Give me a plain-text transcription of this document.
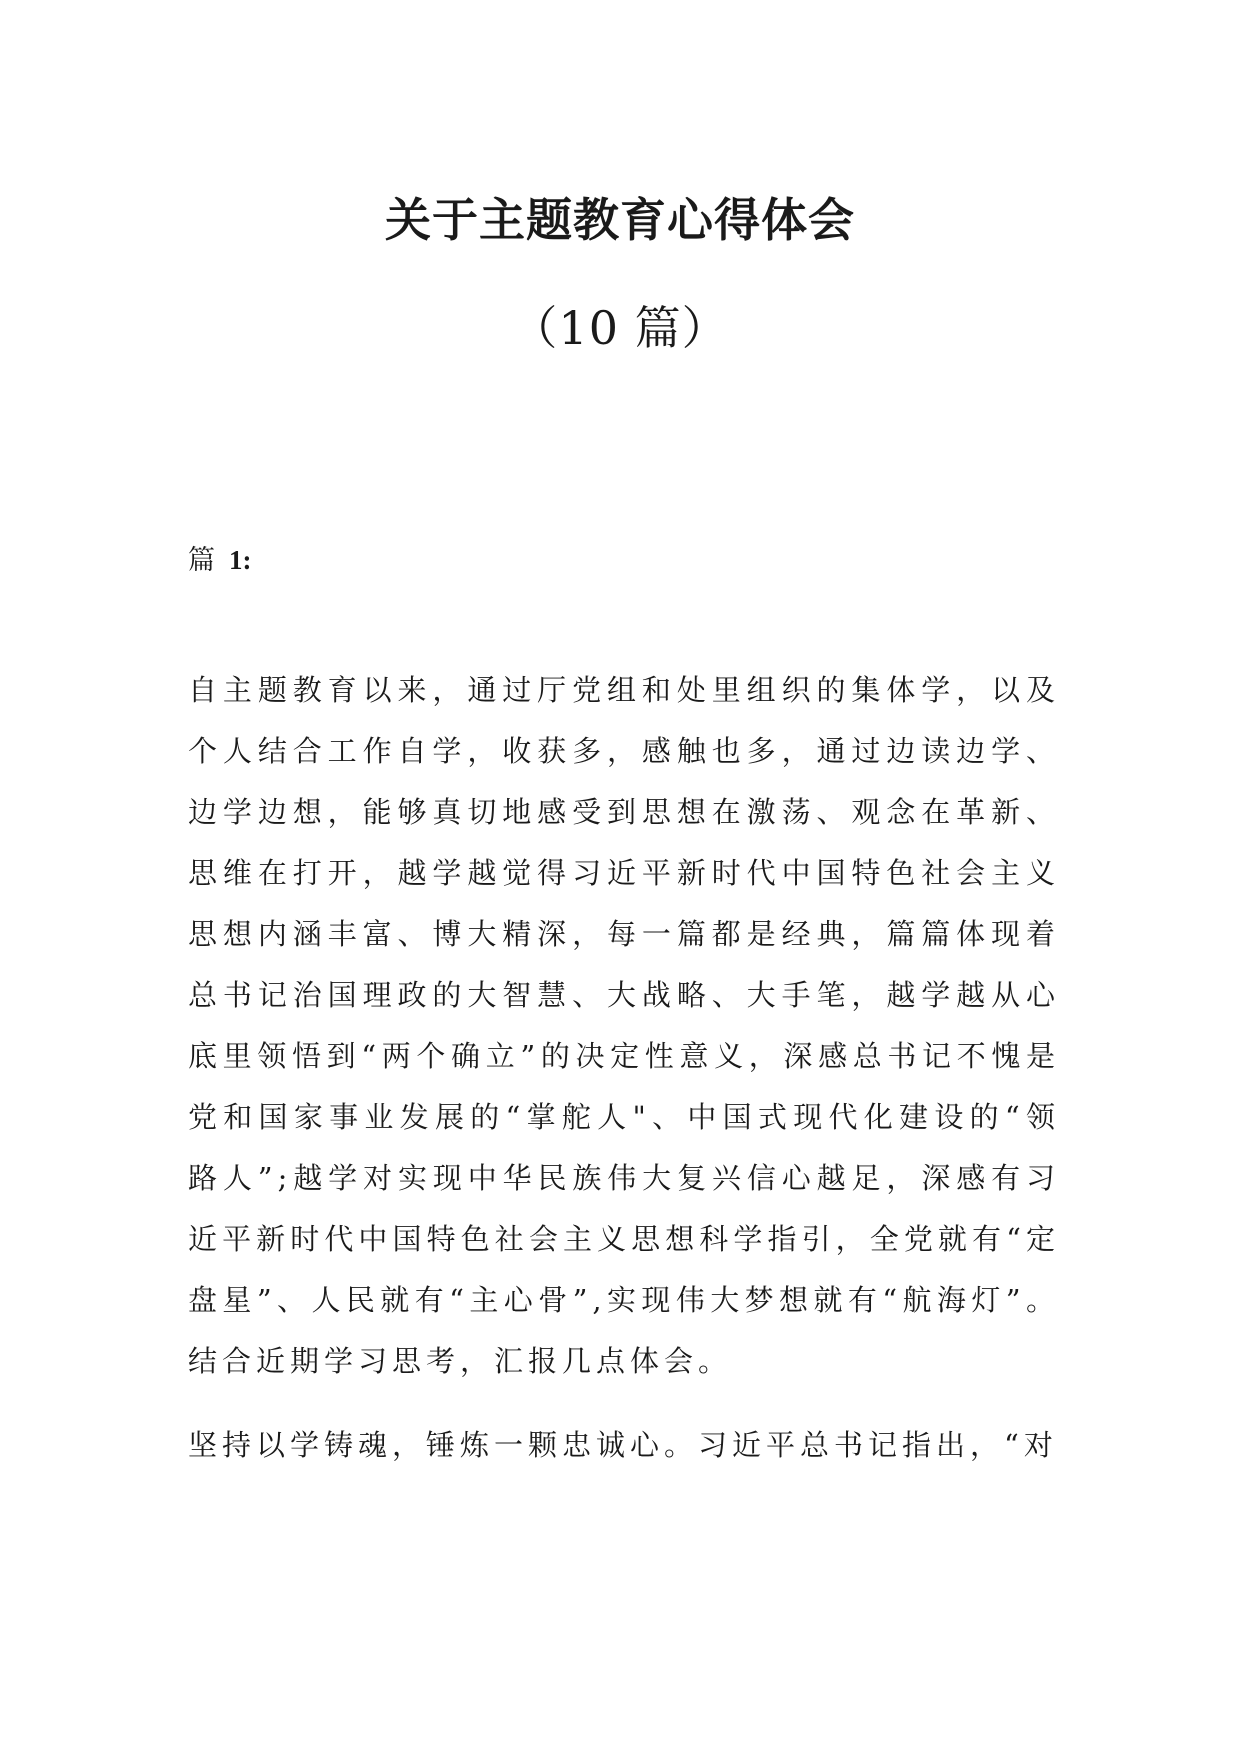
关于主题教育心得体会
（10 篇）

篇 1:

自主题教育以来，通过厅党组和处里组织的集体学，以及个人结合工作自学，收获多，感触也多，通过边读边学、边学边想，能够真切地感受到思想在激荡、观念在革新、思维在打开，越学越觉得习近平新时代中国特色社会主义思想内涵丰富、博大精深，每一篇都是经典，篇篇体现着总书记治国理政的大智慧、大战略、大手笔，越学越从心底里领悟到“两个确立”的决定性意义，深感总书记不愧是党和国家事业发展的“掌舵人"、中国式现代化建设的“领路人”;越学对实现中华民族伟大复兴信心越足，深感有习近平新时代中国特色社会主义思想科学指引，全党就有“定盘星”、人民就有“主心骨”,实现伟大梦想就有“航海灯”。结合近期学习思考，汇报几点体会。

坚持以学铸魂，锤炼一颗忠诚心。习近平总书记指出，“对
